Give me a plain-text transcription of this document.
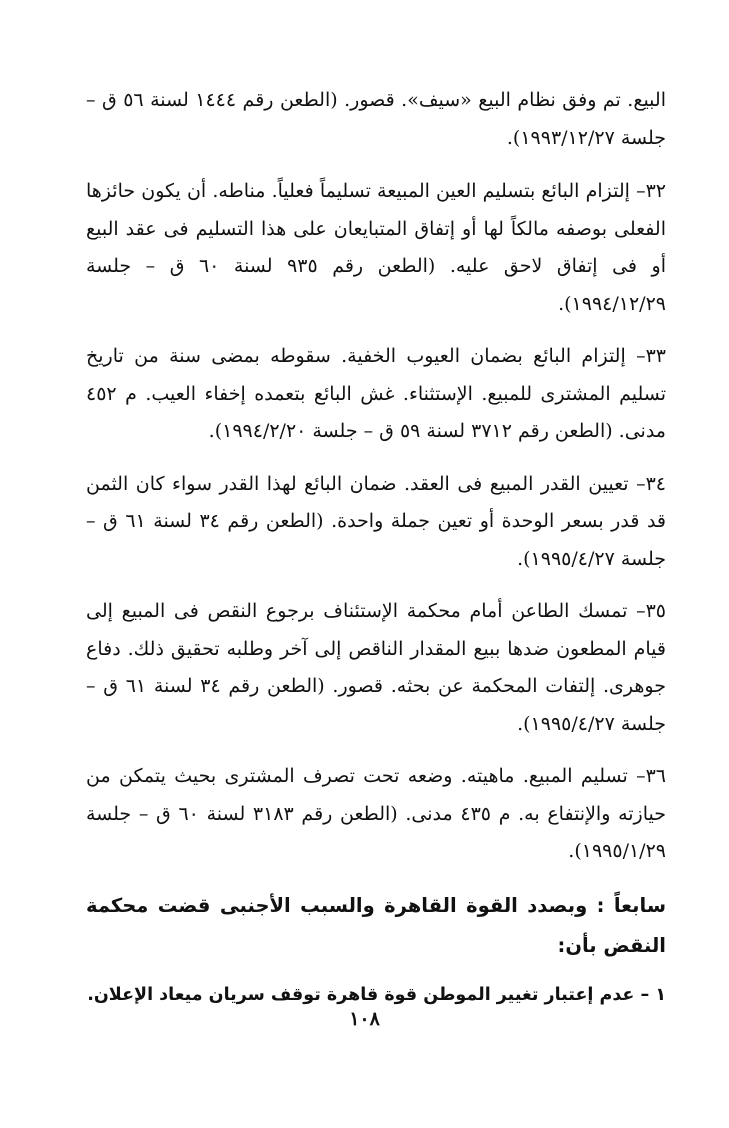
البيع. تم وفق نظام البيع «سيف». قصور. (الطعن رقم ١٤٤٤ لسنة ٥٦ ق – جلسة ١٩٩٣/١٢/٢٧).

٣٢– إلتزام البائع بتسليم العين المبيعة تسليماً فعلياً. مناطه. أن يكون حائزها الفعلى بوصفه مالكاً لها أو إتفاق المتبايعان على هذا التسليم فى عقد البيع أو فى إتفاق لاحق عليه. (الطعن رقم ٩٣٥ لسنة ٦٠ ق – جلسة ١٩٩٤/١٢/٢٩).

٣٣– إلتزام البائع بضمان العيوب الخفية. سقوطه بمضى سنة من تاريخ تسليم المشترى للمبيع. الإستثناء. غش البائع بتعمده إخفاء العيب. م ٤٥٢ مدنى. (الطعن رقم ٣٧١٢ لسنة ٥٩ ق – جلسة ١٩٩٤/٢/٢٠).

٣٤– تعيين القدر المبيع فى العقد. ضمان البائع لهذا القدر سواء كان الثمن قد قدر بسعر الوحدة أو تعين جملة واحدة. (الطعن رقم ٣٤ لسنة ٦١ ق – جلسة ١٩٩٥/٤/٢٧).

٣٥– تمسك الطاعن أمام محكمة الإستئناف برجوع النقص فى المبيع إلى قيام المطعون ضدها ببيع المقدار الناقص إلى آخر وطلبه تحقيق ذلك. دفاع جوهرى. إلتفات المحكمة عن بحثه. قصور. (الطعن رقم ٣٤ لسنة ٦١ ق – جلسة ١٩٩٥/٤/٢٧).

٣٦– تسليم المبيع. ماهيته. وضعه تحت تصرف المشترى بحيث يتمكن من حيازته والإنتفاع به. م ٤٣٥ مدنى. (الطعن رقم ٣١٨٣ لسنة ٦٠ ق – جلسة ١٩٩٥/١/٢٩).

سابعاً : وبصدد القوة القاهرة والسبب الأجنبى قضت محكمة النقض بأن:

١ – عدم إعتبار تغيير الموطن قوة قاهرة توقف سريان ميعاد الإعلان.

١٠٨
